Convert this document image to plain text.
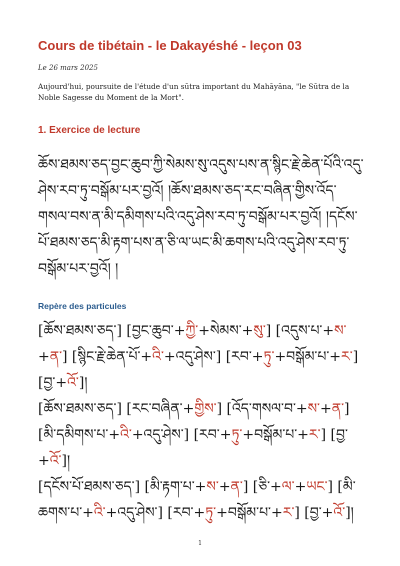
Cours de tibétain - le Dakayéshé - leçon 03

Le 26 mars 2025

Aujourd'hui, poursuite de l'étude d'un sūtra important du Mahāyāna, "le Sūtra de la Noble Sagesse du Moment de la Mort".

1. Exercice de lecture

ཆོས་ཐམས་ཅད་བྱང་ཆུབ་ཀྱི་སེམས་སུ་འདུས་པས་ན་སྙིང་རྗེ་ཆེན་པོའི་འདུ་ཤེས་རབ་ཏུ་བསྒོམ་པར་བྱའོ། །ཆོས་ཐམས་ཅད་རང་བཞིན་གྱིས་འོད་གསལ་བས་ན་མི་དམིགས་པའི་འདུ་ཤེས་རབ་ཏུ་བསྒོམ་པར་བྱའོ། །དངོས་པོ་ཐམས་ཅད་མི་རྟག་པས་ན་ཅི་ལ་ཡང་མི་ཆགས་པའི་འདུ་ཤེས་རབ་ཏུ་བསྒོམ་པར་བྱའོ། །

Repère des particules
[ཆོས་ཐམས་ཅད་] [བྱང་ཆུབ་+ཀྱི་+སེམས་+སུ་] [འདུས་པ་+ས་+ན་] [སྙིང་རྗེ་ཆེན་པོ་+འི་+འདུ་ཤེས་] [རབ་+ཏུ་+བསྒོམ་པ་+ར་] [བྱ་+འོ་]།
[ཆོས་ཐམས་ཅད་] [རང་བཞིན་+གྱིས་] [འོད་གསལ་བ་+ས་+ན་] [མི་དམིགས་པ་+འི་+འདུ་ཤེས་] [རབ་+ཏུ་+བསྒོམ་པ་+ར་] [བྱ་+འོ་]།
[དངོས་པོ་ཐམས་ཅད་] [མི་རྟག་པ་+ས་+ན་] [ཅི་+ལ་+ཡང་] [མི་ཆགས་པ་+འི་+འདུ་ཤེས་] [རབ་+ཏུ་+བསྒོམ་པ་+ར་] [བྱ་+འོ་]།

1
